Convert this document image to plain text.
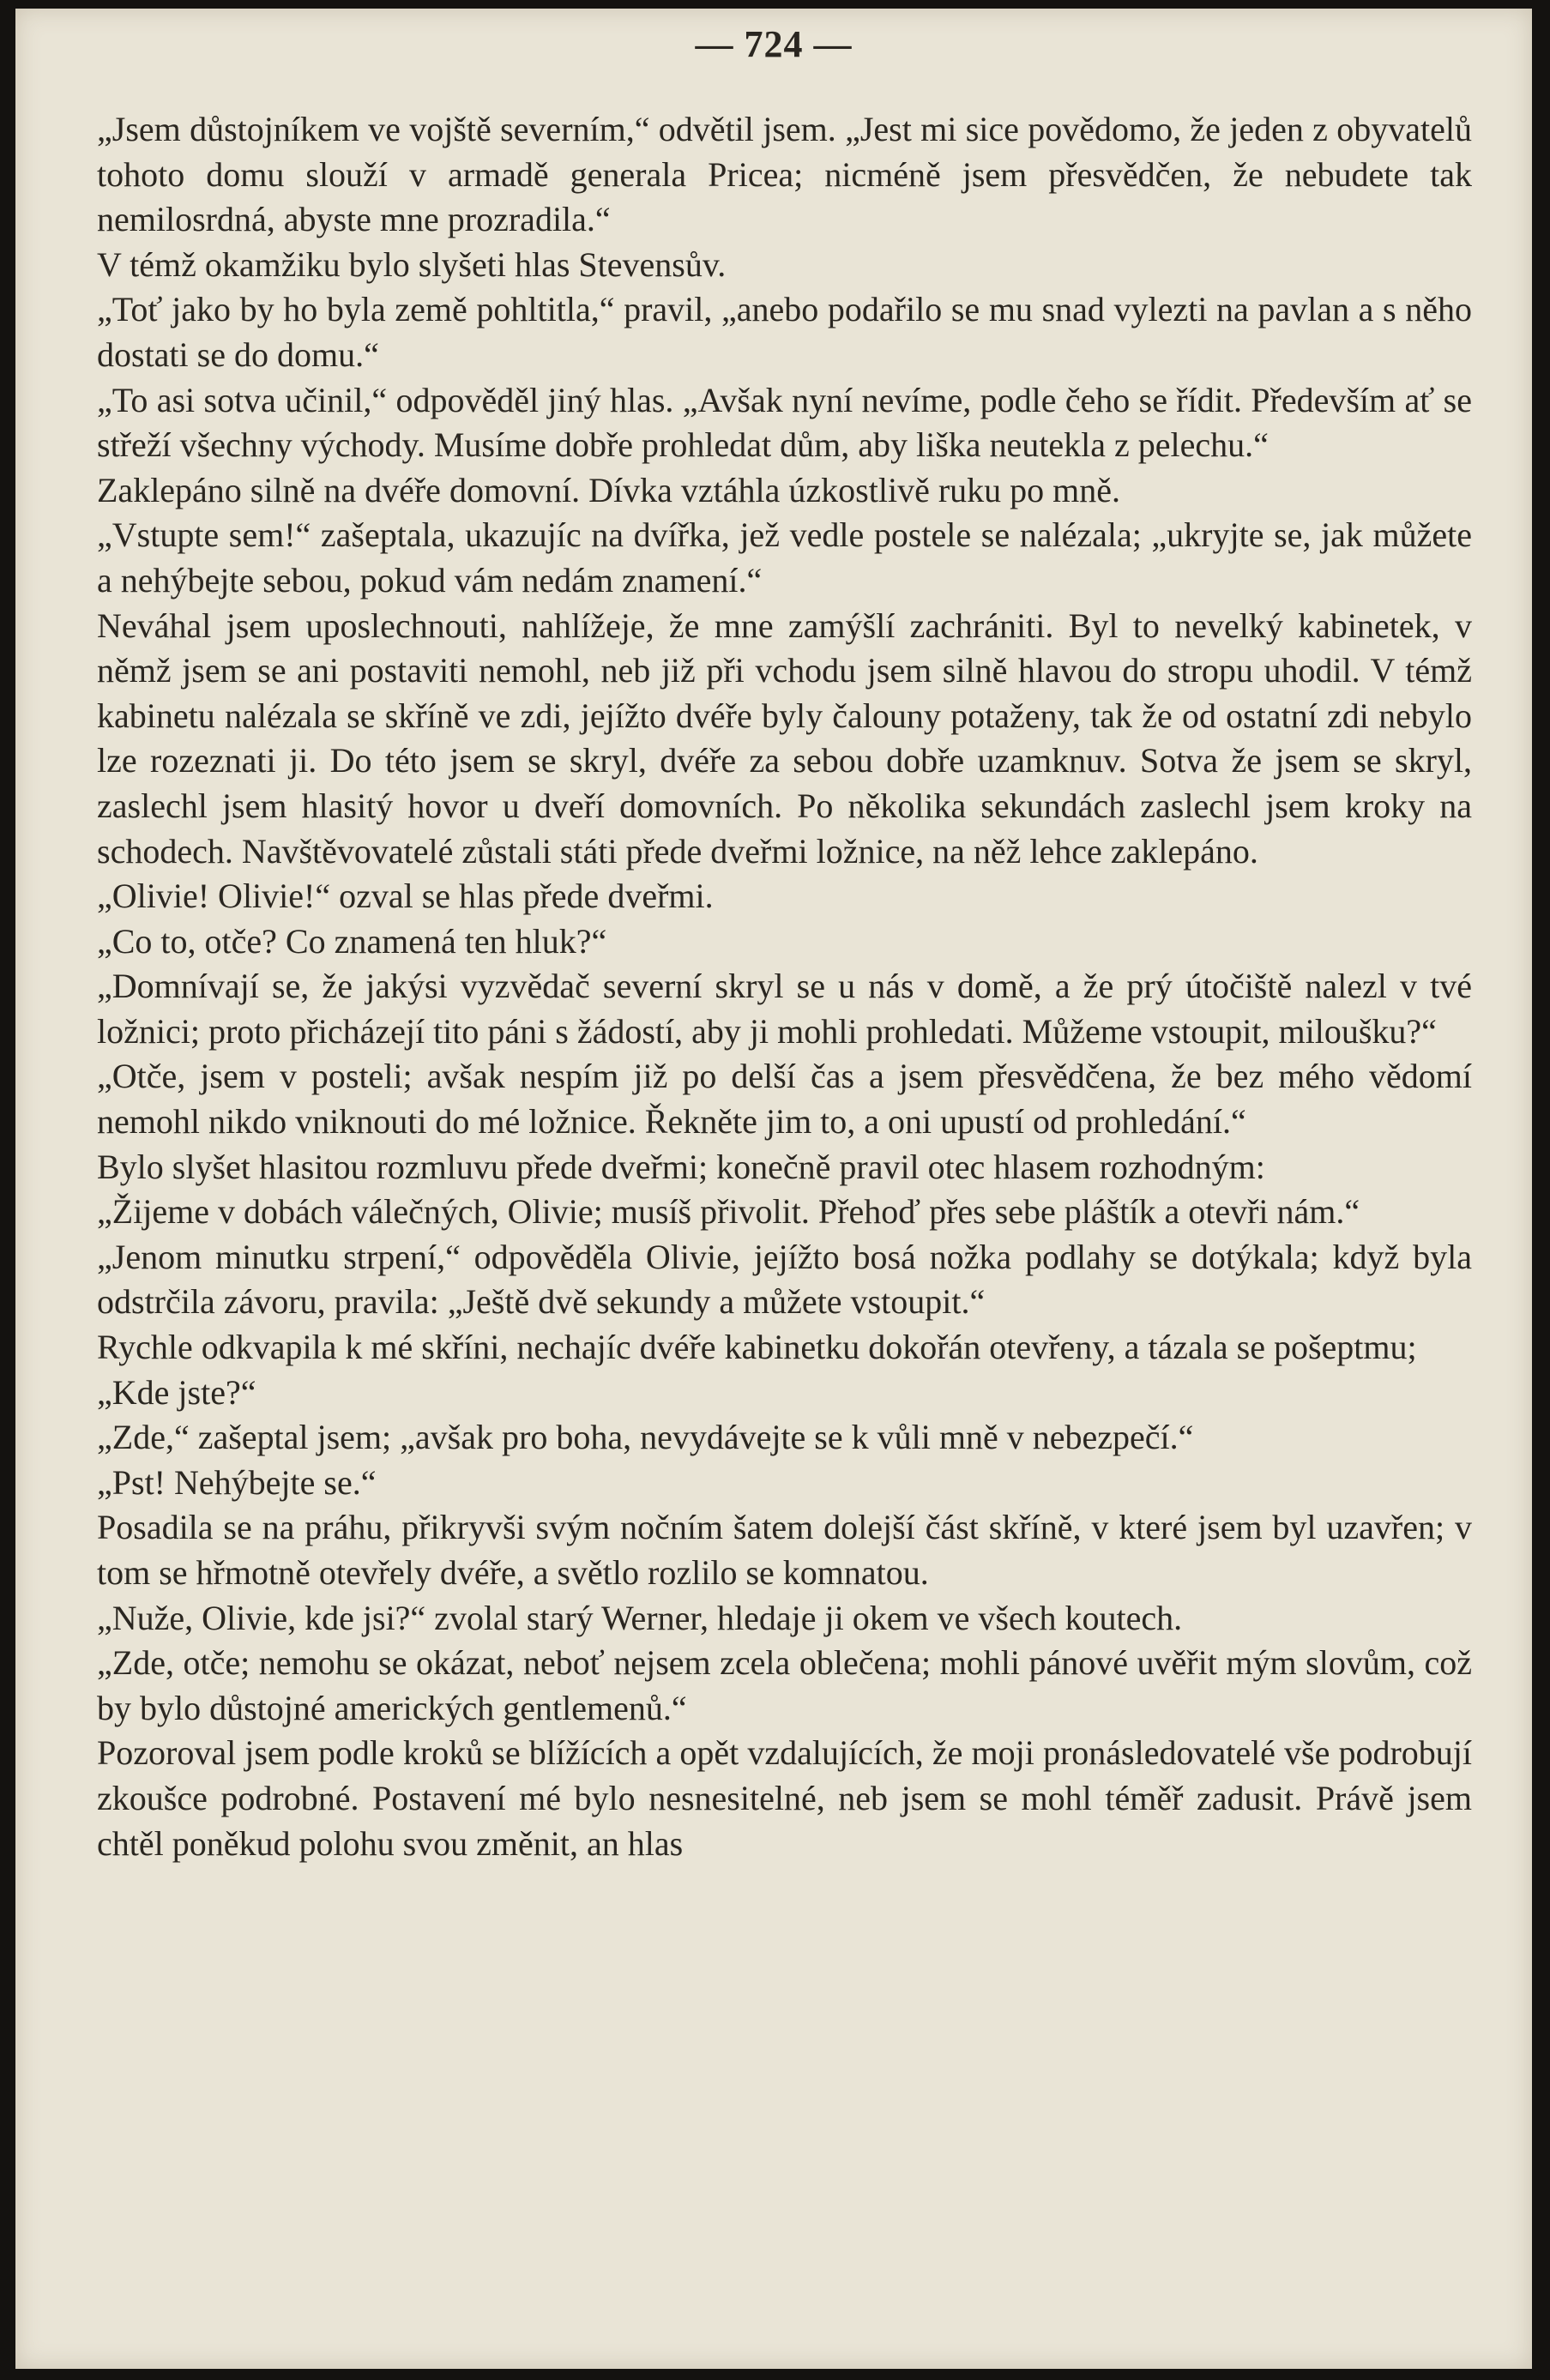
— 724 —

„Jsem důstojníkem ve vojště severním,“ odvětil jsem. „Jest mi sice povědomo, že jeden z obyvatelů tohoto domu slouží v armadě generala Pricea; nicméně jsem přesvědčen, že nebudete tak nemilosrdná, abyste mne prozradila.“

V témž okamžiku bylo slyšeti hlas Stevensův.

„Toť jako by ho byla země pohltitla,“ pravil, „anebo podařilo se mu snad vylezti na pavlan a s něho dostati se do domu.“

„To asi sotva učinil,“ odpověděl jiný hlas. „Avšak nyní nevíme, podle čeho se řídit. Především ať se střeží všechny východy. Musíme dobře prohledat dům, aby liška neutekla z pelechu.“

Zaklepáno silně na dvéře domovní. Dívka vztáhla úzkostlivě ruku po mně.

„Vstupte sem!“ zašeptala, ukazujíc na dvířka, jež vedle postele se nalézala; „ukryjte se, jak můžete a nehýbejte sebou, pokud vám nedám znamení.“

Neváhal jsem uposlechnouti, nahlížeje, že mne zamýšlí zachrániti. Byl to nevelký kabinetek, v němž jsem se ani postaviti nemohl, neb již při vchodu jsem silně hlavou do stropu uhodil. V témž kabinetu nalézala se skříně ve zdi, jejížto dvéře byly čalouny potaženy, tak že od ostatní zdi nebylo lze rozeznati ji. Do této jsem se skryl, dvéře za sebou dobře uzamknuv. Sotva že jsem se skryl, zaslechl jsem hlasitý hovor u dveří domovních. Po několika sekundách zaslechl jsem kroky na schodech. Navštěvovatelé zůstali státi přede dveřmi ložnice, na něž lehce zaklepáno.

„Olivie! Olivie!“ ozval se hlas přede dveřmi.

„Co to, otče? Co znamená ten hluk?“

„Domnívají se, že jakýsi vyzvědač severní skryl se u nás v domě, a že prý útočiště nalezl v tvé ložnici; proto přicházejí tito páni s žádostí, aby ji mohli prohledati. Můžeme vstoupit, miloušku?“

„Otče, jsem v posteli; avšak nespím již po delší čas a jsem přesvědčena, že bez mého vědomí nemohl nikdo vniknouti do mé ložnice. Řekněte jim to, a oni upustí od prohledání.“

Bylo slyšet hlasitou rozmluvu přede dveřmi; konečně pravil otec hlasem rozhodným:

„Žijeme v dobách válečných, Olivie; musíš přivolit. Přehoď přes sebe pláštík a otevři nám.“

„Jenom minutku strpení,“ odpověděla Olivie, jejížto bosá nožka podlahy se dotýkala; když byla odstrčila závoru, pravila: „Ještě dvě sekundy a můžete vstoupit.“

Rychle odkvapila k mé skříni, nechajíc dvéře kabinetku dokořán otevřeny, a tázala se pošeptmu;

„Kde jste?“

„Zde,“ zašeptal jsem; „avšak pro boha, nevydávejte se k vůli mně v nebezpečí.“

„Pst! Nehýbejte se.“

Posadila se na práhu, přikryvši svým nočním šatem dolejší část skříně, v které jsem byl uzavřen; v tom se hřmotně otevřely dvéře, a světlo rozlilo se komnatou.

„Nuže, Olivie, kde jsi?“ zvolal starý Werner, hledaje ji okem ve všech koutech.

„Zde, otče; nemohu se okázat, neboť nejsem zcela oblečena; mohli pánové uvěřit mým slovům, což by bylo důstojné amerických gentlemenů.“

Pozoroval jsem podle kroků se blížících a opět vzdalujících, že moji pronásledovatelé vše podrobují zkoušce podrobné. Postavení mé bylo nesnesitelné, neb jsem se mohl téměř zadusit. Právě jsem chtěl poněkud polohu svou změnit, an hlas
